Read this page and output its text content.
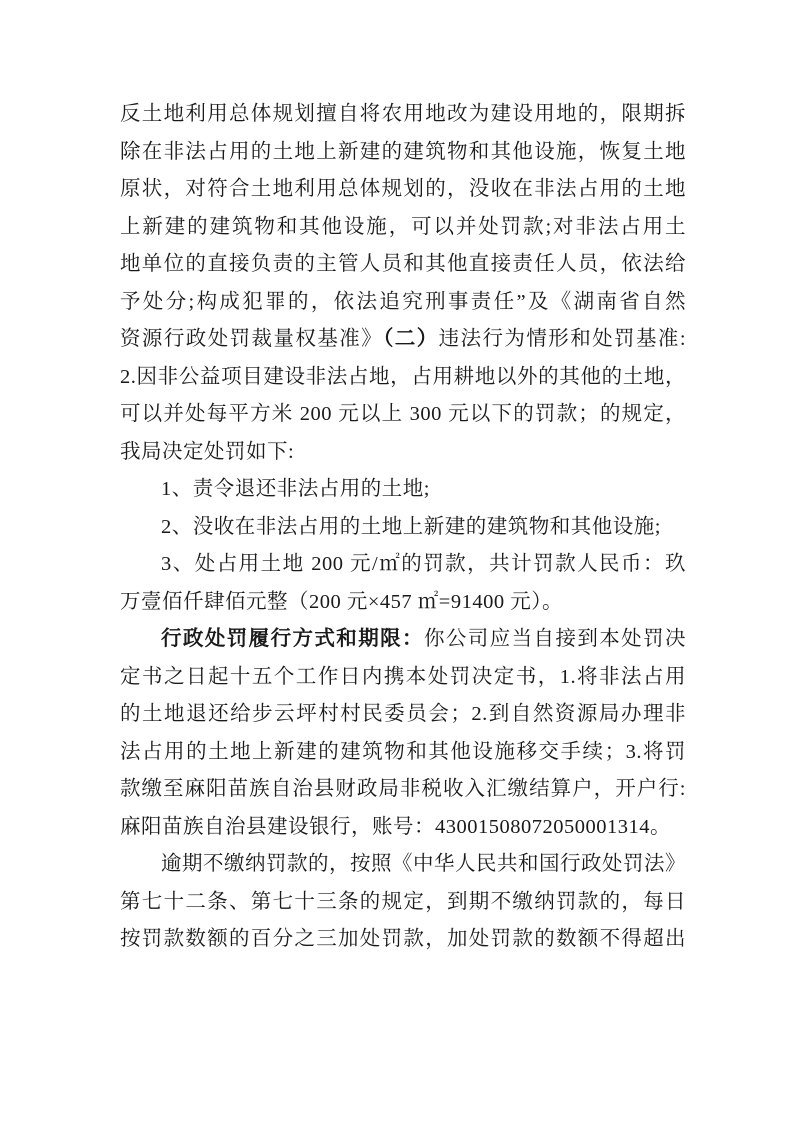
反土地利用总体规划擅自将农用地改为建设用地的，限期拆
除在非法占用的土地上新建的建筑物和其他设施，恢复土地
原状，对符合土地利用总体规划的，没收在非法占用的土地
上新建的建筑物和其他设施，可以并处罚款;对非法占用土
地单位的直接负责的主管人员和其他直接责任人员，依法给
予处分;构成犯罪的，依法追究刑事责任”及《湖南省自然
资源行政处罚裁量权基准》（二）违法行为情形和处罚基准:
2.因非公益项目建设非法占地，占用耕地以外的其他的土地，
可以并处每平方米 200 元以上 300 元以下的罚款；的规定，
我局决定处罚如下:
1、责令退还非法占用的土地;
2、没收在非法占用的土地上新建的建筑物和其他设施;
3、处占用土地 200 元/㎡的罚款，共计罚款人民币：玖
万壹佰仟肆佰元整（200 元×457 ㎡=91400 元）。
行政处罚履行方式和期限：你公司应当自接到本处罚决
定书之日起十五个工作日内携本处罚决定书，1.将非法占用
的土地退还给步云坪村村民委员会；2.到自然资源局办理非
法占用的土地上新建的建筑物和其他设施移交手续；3.将罚
款缴至麻阳苗族自治县财政局非税收入汇缴结算户，开户行:
麻阳苗族自治县建设银行，账号：43001508072050001314。
逾期不缴纳罚款的，按照《中华人民共和国行政处罚法》
第七十二条、第七十三条的规定，到期不缴纳罚款的，每日
按罚款数额的百分之三加处罚款，加处罚款的数额不得超出
